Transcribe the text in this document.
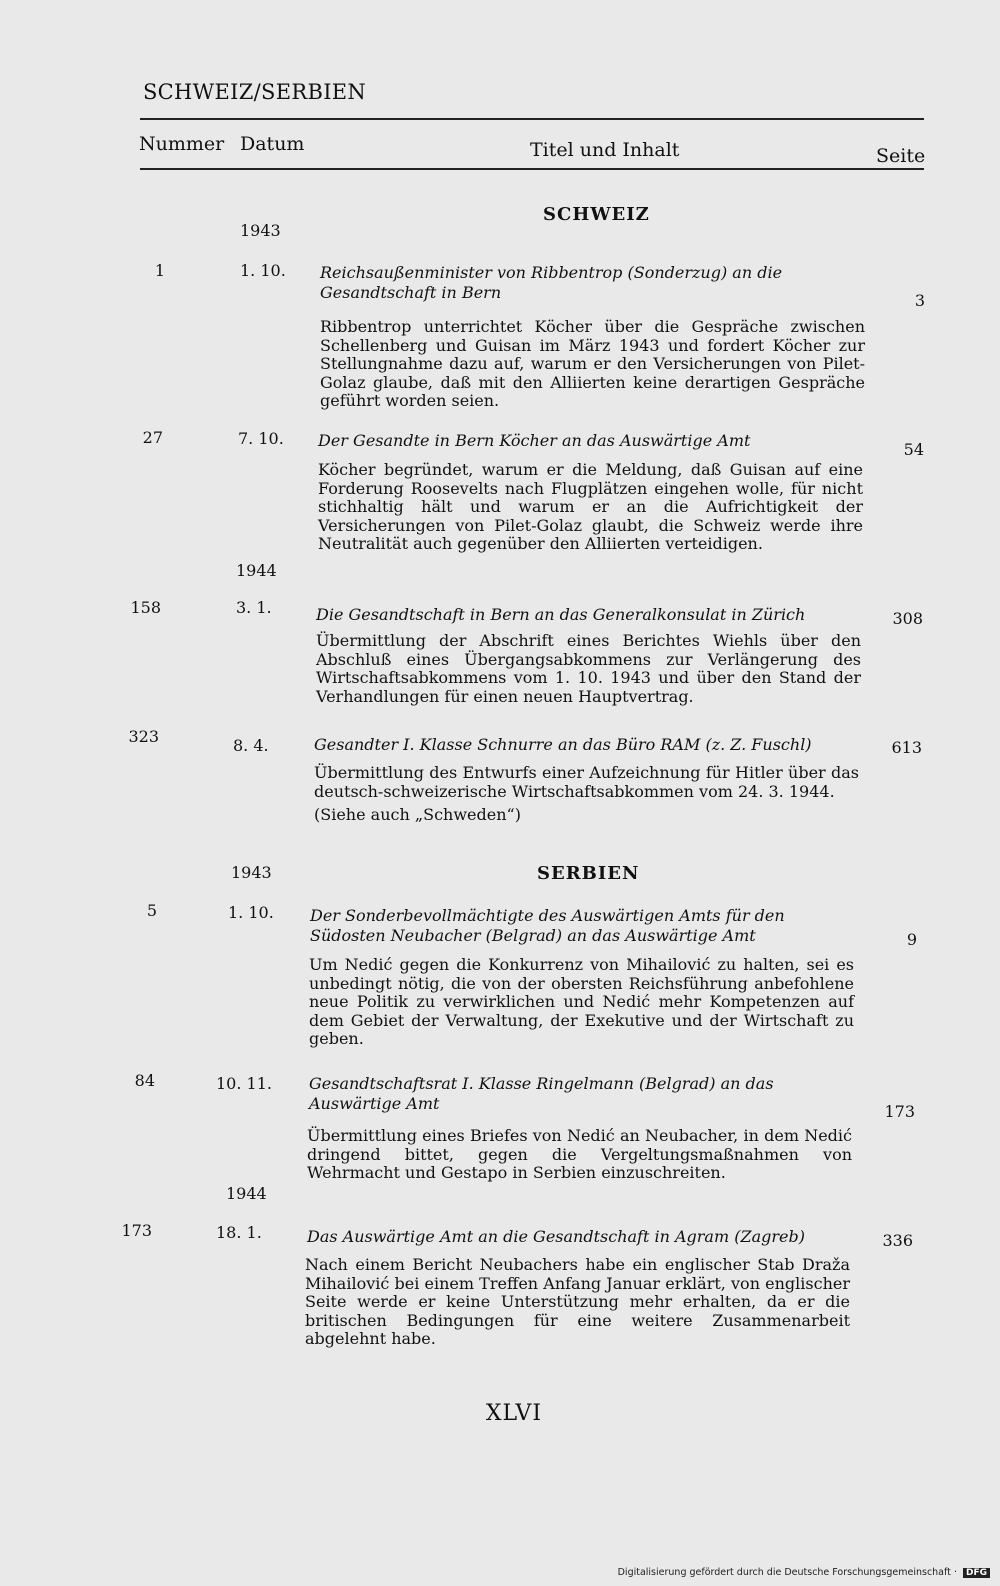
SCHWEIZ/SERBIEN
Nummer Datum	Titel und Inhalt	Seite
SCHWEIZ
1943
1	1. 10. Reichsaußenminister von Ribbentrop (Sonderzug) an die Gesandtschaft in Bern	3
Ribbentrop unterrichtet Köcher über die Gespräche zwischen Schellenberg und Guisan im März 1943 und fordert Köcher zur Stellungnahme dazu auf, warum er den Versicherungen von Pilet-Golaz glaube, daß mit den Alliierten keine derartigen Gespräche geführt worden seien.
27	7. 10. Der Gesandte in Bern Köcher an das Auswärtige Amt	54
Köcher begründet, warum er die Meldung, daß Guisan auf eine Forderung Roosevelts nach Flugplätzen eingehen wolle, für nicht stichhaltig hält und warum er an die Aufrichtigkeit der Versicherungen von Pilet-Golaz glaubt, die Schweiz werde ihre Neutralität auch gegenüber den Alliierten verteidigen.
1944
158	3. 1.	Die Gesandtschaft in Bern an das Generalkonsulat in Zürich	308
Übermittlung der Abschrift eines Berichtes Wiehls über den Abschluß eines Übergangsabkommens zur Verlängerung des Wirtschaftsabkommens vom 1. 10. 1943 und über den Stand der Verhandlungen für einen neuen Hauptvertrag.
323	8. 4.	Gesandter I. Klasse Schnurre an das Büro RAM (z. Z. Fuschl)	613
Übermittlung des Entwurfs einer Aufzeichnung für Hitler über das deutsch-schweizerische Wirtschaftsabkommen vom 24. 3. 1944.
(Siehe auch „Schweden“)
1943	SERBIEN
5	1. 10. Der Sonderbevollmächtigte des Auswärtigen Amts für den Südosten Neubacher (Belgrad) an das Auswärtige Amt	9
Um Nedić gegen die Konkurrenz von Mihailović zu halten, sei es unbedingt nötig, die von der obersten Reichsführung anbefohlene neue Politik zu verwirklichen und Nedić mehr Kompetenzen auf dem Gebiet der Verwaltung, der Exekutive und der Wirtschaft zu geben.
84	10. 11. Gesandtschaftsrat I. Klasse Ringelmann (Belgrad) an das Auswärtige Amt	173
Übermittlung eines Briefes von Nedić an Neubacher, in dem Nedić dringend bittet, gegen die Vergeltungsmaßnahmen von Wehrmacht und Gestapo in Serbien einzuschreiten.
1944
173	18. 1.	Das Auswärtige Amt an die Gesandtschaft in Agram (Zagreb)	336
Nach einem Bericht Neubachers habe ein englischer Stab Draža Mihailović bei einem Treffen Anfang Januar erklärt, von englischer Seite werde er keine Unterstützung mehr erhalten, da er die britischen Bedingungen für eine weitere Zusammenarbeit abgelehnt habe.
XLVI
Digitalisierung gefördert durch die Deutsche Forschungsgemeinschaft · DFG
